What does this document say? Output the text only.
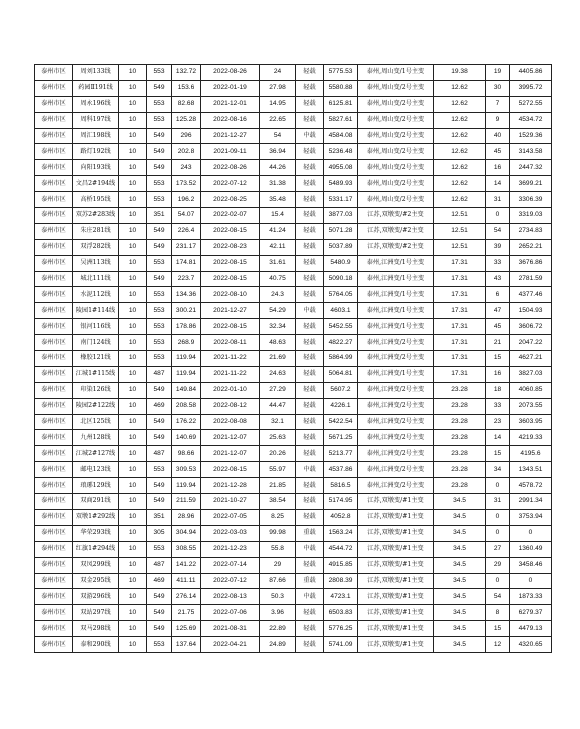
泰州市区	周刘133线	10	553	132.72	2022-08-26	24	轻载	5775.53	泰州,周山变/1号主变	19.38	19	4405.86
泰州市区	药园Ⅱ191线	10	549	153.6	2022-01-19	27.98	轻载	5580.88	泰州,周山变/2号主变	12.62	30	3995.72
泰州市区	周永196线	10	553	82.68	2021-12-01	14.95	轻载	6125.81	泰州,周山变/2号主变	12.62	7	5272.55
泰州市区	周科197线	10	553	125.28	2022-08-16	22.65	轻载	5827.61	泰州,周山变/2号主变	12.62	9	4534.72
泰州市区	周汇198线	10	549	296	2021-12-27	54	中载	4584.08	泰州,周山变/2号主变	12.62	40	1529.36
泰州市区	路灯192线	10	549	202.8	2021-09-11	36.94	轻载	5236.48	泰州,周山变/2号主变	12.62	45	3143.58
泰州市区	向阳193线	10	549	243	2022-08-26	44.26	轻载	4955.08	泰州,周山变/2号主变	12.62	16	2447.32
泰州市区	文昌2#194线	10	553	173.52	2022-07-12	31.38	轻载	5489.93	泰州,周山变/2号主变	12.62	14	3699.21
泰州市区	高桥195线	10	553	196.2	2022-08-25	35.48	轻载	5331.17	泰州,周山变/2号主变	12.62	31	3306.39
泰州市区	双苏2#283线	10	351	54.07	2022-02-07	15.4	轻载	3877.03	江苏,双墩变/#2主变	12.51	0	3319.03
泰州市区	朱庄281线	10	549	226.4	2022-08-15	41.24	轻载	5071.28	江苏,双墩变/#2主变	12.51	54	2734.83
泰州市区	双浮282线	10	549	231.17	2022-08-23	42.11	轻载	5037.89	江苏,双墩变/#2主变	12.51	39	2652.21
泰州市区	吴洲113线	10	553	174.81	2022-08-15	31.61	轻载	5480.9	泰州,江洲变/1号主变	17.31	33	3676.86
泰州市区	城北111线	10	549	223.7	2022-08-15	40.75	轻载	5090.18	泰州,江洲变/1号主变	17.31	43	2781.59
泰州市区	水泥112线	10	553	134.36	2022-08-10	24.3	轻载	5764.05	泰州,江洲变/1号主变	17.31	6	4377.46
泰州市区	陵园1#114线	10	553	300.21	2021-12-27	54.29	中载	4603.1	泰州,江洲变/1号主变	17.31	47	1504.93
泰州市区	银河116线	10	553	178.86	2022-08-15	32.34	轻载	5452.55	泰州,江洲变/1号主变	17.31	45	3606.72
泰州市区	南门124线	10	553	268.9	2022-08-11	48.63	轻载	4822.27	泰州,江洲变/2号主变	17.31	21	2047.22
泰州市区	橡胶121线	10	553	119.94	2021-11-22	21.69	轻载	5864.99	泰州,江洲变/2号主变	17.31	15	4627.21
泰州市区	江城1#115线	10	487	119.94	2021-11-22	24.63	轻载	5064.81	泰州,江洲变/1号主变	17.31	16	3827.03
泰州市区	印染126线	10	549	149.84	2022-01-10	27.29	轻载	5607.2	泰州,江洲变/2号主变	23.28	18	4060.85
泰州市区	陵园2#122线	10	469	208.58	2022-08-12	44.47	轻载	4226.1	泰州,江洲变/2号主变	23.28	33	2073.55
泰州市区	北区125线	10	549	176.22	2022-08-08	32.1	轻载	5422.54	泰州,江洲变/2号主变	23.28	23	3603.95
泰州市区	九州128线	10	549	140.69	2021-12-07	25.63	轻载	5671.25	泰州,江洲变/2号主变	23.28	14	4219.33
泰州市区	江城2#127线	10	487	98.66	2021-12-07	20.26	轻载	5213.77	泰州,江洲变/2号主变	23.28	15	4195.6
泰州市区	邮电123线	10	553	309.53	2022-08-15	55.97	中载	4537.86	泰州,江洲变/2号主变	23.28	34	1343.51
泰州市区	琅琊129线	10	549	119.94	2021-12-28	21.85	轻载	5816.5	泰州,江洲变/2号主变	23.28	0	4578.72
泰州市区	双商291线	10	549	211.59	2021-10-27	38.54	轻载	5174.95	江苏,双墩变/#1主变	34.5	31	2991.34
泰州市区	双墩1#292线	10	351	28.96	2022-07-05	8.25	轻载	4052.8	江苏,双墩变/#1主变	34.5	0	3753.94
泰州市区	华荣293线	10	305	304.94	2022-03-03	99.98	重载	1563.24	江苏,双墩变/#1主变	34.5	0	0
泰州市区	红旗1#294线	10	553	308.55	2021-12-23	55.8	中载	4544.72	江苏,双墩变/#1主变	34.5	27	1360.49
泰州市区	双凤299线	10	487	141.22	2022-07-14	29	轻载	4915.85	江苏,双墩变/#1主变	34.5	29	3458.46
泰州市区	双金295线	10	469	411.11	2022-07-12	87.66	重载	2808.39	江苏,双墩变/#1主变	34.5	0	0
泰州市区	双游296线	10	549	276.14	2022-08-13	50.3	中载	4723.1	江苏,双墩变/#1主变	34.5	54	1873.33
泰州市区	双站297线	10	549	21.75	2022-07-06	3.96	轻载	6503.83	江苏,双墩变/#1主变	34.5	8	6279.37
泰州市区	双马298线	10	549	125.69	2021-08-31	22.89	轻载	5776.25	江苏,双墩变/#1主变	34.5	15	4479.13
泰州市区	泰和290线	10	553	137.64	2022-04-21	24.89	轻载	5741.09	江苏,双墩变/#1主变	34.5	12	4320.65
